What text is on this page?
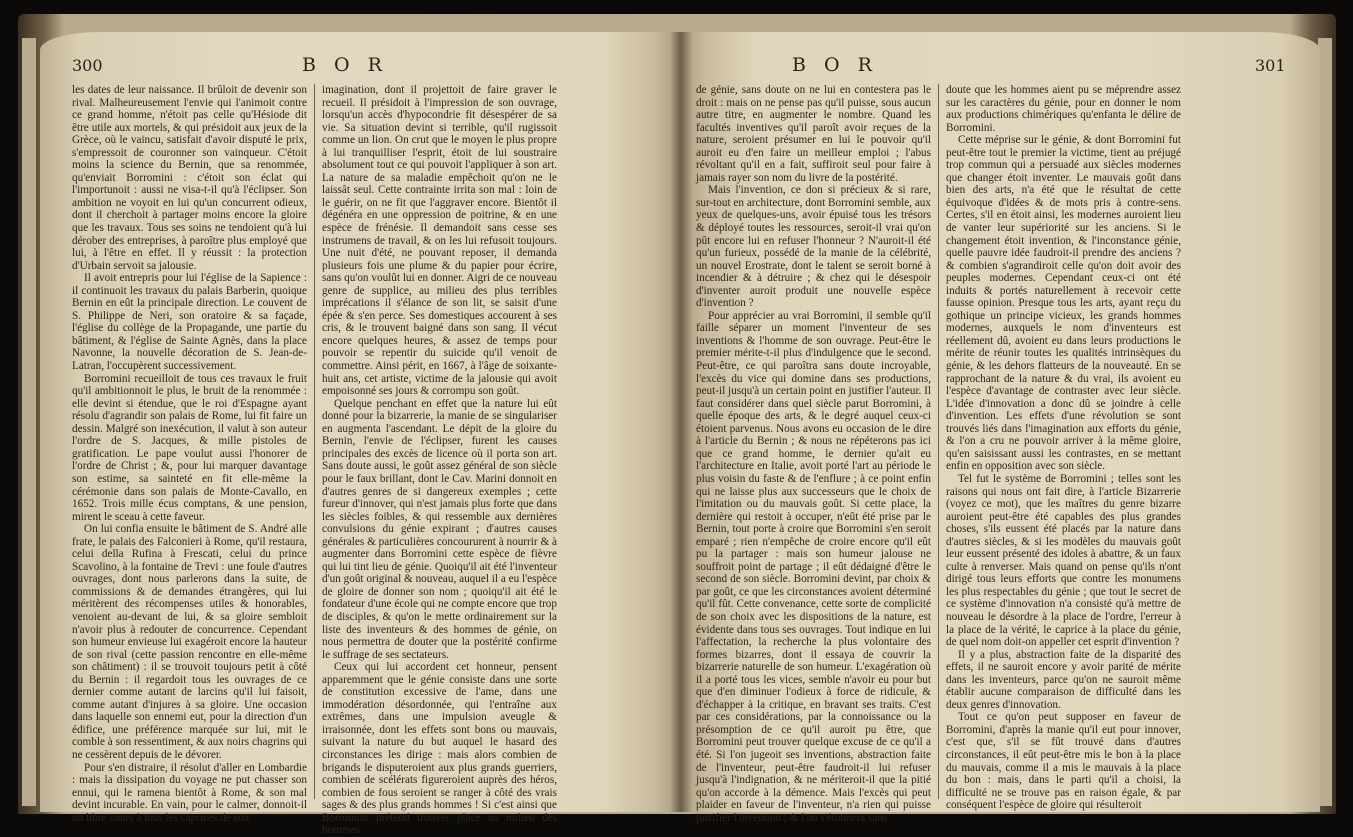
300	B O R

les dates de leur naissance. Il brûloit de devenir son rival. Malheureusement l'envie qui l'animoit contre ce grand homme, n'étoit pas celle qu'Hésiode dit être utile aux mortels, & qui présidoit aux jeux de la Grèce, où le vaincu, satisfait d'avoir disputé le prix, s'empressoit de couronner son vainqueur. C'étoit moins la science du Bernin, que sa renommée, qu'enviait Borromini : c'étoit son éclat qui l'importunoit : aussi ne visa-t-il qu'à l'éclipser. Son ambition ne voyoit en lui qu'un concurrent odieux, dont il cherchoit à partager moins encore la gloire que les travaux. Tous ses soins ne tendoient qu'à lui dérober des entreprises, à paroître plus employé que lui, à l'être en effet. Il y réussit : la protection d'Urbain servoit sa jalousie.

Il avoit entrepris pour lui l'église de la Sapience : il continuoit les travaux du palais Barberin, quoique Bernin en eût la principale direction. Le couvent de S. Philippe de Neri, son oratoire & sa façade, l'église du collège de la Propagande, une partie du bâtiment, & l'église de Sainte Agnès, dans la place Navonne, la nouvelle décoration de S. Jean-de-Latran, l'occupèrent successivement.

Borromini recueilloit de tous ces travaux le fruit qu'il ambitionnoit le plus, le bruit de la renommée : elle devint si étendue, que le roi d'Espagne ayant résolu d'agrandir son palais de Rome, lui fit faire un dessin. Malgré son inexécution, il valut à son auteur l'ordre de S. Jacques, & mille pistoles de gratification. Le pape voulut aussi l'honorer de l'ordre de Christ ; &, pour lui marquer davantage son estime, sa sainteté en fit elle-même la cérémonie dans son palais de Monte-Cavallo, en 1652. Trois mille écus comptans, & une pension, mirent le sceau à cette faveur.

On lui confia ensuite le bâtiment de S. André alle frate, le palais des Falconieri à Rome, qu'il restaura, celui della Rufina à Frescati, celui du prince Scavolino, à la fontaine de Trevi : une foule d'autres ouvrages, dont nous parlerons dans la suite, de commissions & de demandes étrangères, qui lui méritèrent des récompenses utiles & honorables, venoient au-devant de lui, & sa gloire sembloit n'avoir plus à redouter de concurrence. Cependant son humeur envieuse lui exagéroit encore la hauteur de son rival (cette passion rencontre en elle-même son châtiment) : il se trouvoit toujours petit à côté du Bernin : il regardoit tous les ouvrages de ce dernier comme autant de larcins qu'il lui faisoit, comme autant d'injures à sa gloire. Une occasion dans laquelle son ennemi eut, pour la direction d'un édifice, une préférence marquée sur lui, mit le comble à son ressentiment, & aux noirs chagrins qui ne cessèrent depuis de le dévorer.

Pour s'en distraire, il résolut d'aller en Lombardie : mais la dissipation du voyage ne put chasser son ennui, qui le ramena bientôt à Rome, & son mal devint incurable. En vain, pour le calmer, donnoit-il un libre cours à tous les caprices de son

imagination, dont il projettoit de faire graver le recueil. Il présidoit à l'impression de son ouvrage, lorsqu'un accès d'hypocondrie fit désespérer de sa vie. Sa situation devint si terrible, qu'il rugissoit comme un lion. On crut que le moyen le plus propre à lui tranquilliser l'esprit, étoit de lui soustraire absolument tout ce qui pouvoit l'appliquer à son art. La nature de sa maladie empêchoit qu'on ne le laissât seul. Cette contrainte irrita son mal : loin de le guérir, on ne fit que l'aggraver encore. Bientôt il dégénéra en une oppression de poitrine, & en une espèce de frénésie. Il demandoit sans cesse ses instrumens de travail, & on les lui refusoit toujours. Une nuit d'été, ne pouvant reposer, il demanda plusieurs fois une plume & du papier pour écrire, sans qu'on voulût lui en donner. Aigri de ce nouveau genre de supplice, au milieu des plus terribles imprécations il s'élance de son lit, se saisit d'une épée & s'en perce. Ses domestiques accourent à ses cris, & le trouvent baigné dans son sang. Il vécut encore quelques heures, & assez de temps pour pouvoir se repentir du suicide qu'il venoit de commettre. Ainsi périt, en 1667, à l'âge de soixante-huit ans, cet artiste, victime de la jalousie qui avoit empoisonné ses jours & corrompu son goût.

Quelque penchant en effet que la nature lui eût donné pour la bizarrerie, la manie de se singulariser en augmenta l'ascendant. Le dépit de la gloire du Bernin, l'envie de l'éclipser, furent les causes principales des excès de licence où il porta son art. Sans doute aussi, le goût assez général de son siècle pour le faux brillant, dont le Cav. Marini donnoit en d'autres genres de si dangereux exemples ; cette fureur d'innover, qui n'est jamais plus forte que dans les siècles foibles, & qui ressemble aux dernières convulsions du génie expirant ; d'autres causes générales & particulières concoururent à nourrir & à augmenter dans Borromini cette espèce de fièvre qui lui tint lieu de génie. Quoiqu'il ait été l'inventeur d'un goût original & nouveau, auquel il a eu l'espèce de gloire de donner son nom ; quoiqu'il ait été le fondateur d'une école qui ne compte encore que trop de disciples, & qu'on le mette ordinairement sur la liste des inventeurs & des hommes de génie, on nous permettra de douter que la postérité confirme le suffrage de ses sectateurs.

Ceux qui lui accordent cet honneur, pensent apparemment que le génie consiste dans une sorte de constitution excessive de l'ame, dans une immodération désordonnée, qui l'entraîne aux extrêmes, dans une impulsion aveugle & irraisonnée, dont les effets sont bons ou mauvais, suivant la nature du but auquel le hasard des circonstances les dirige : mais alors combien de brigands le disputeroient aux plus grands guerriers, combien de scélérats figureroient auprès des héros, combien de fous seroient se ranger à côté des vrais sages & des plus grands hommes ! Si c'est ainsi que Borromini prétend trouver place au milieu des hommes

B O R	301

de génie, sans doute on ne lui en contestera pas le droit : mais on ne pense pas qu'il puisse, sous aucun autre titre, en augmenter le nombre. Quand les facultés inventives qu'il paroît avoir reçues de la nature, seroient présumer en lui le pouvoir qu'il auroit eu d'en faire un meilleur emploi ; l'abus révoltant qu'il en a fait, suffiroit seul pour faire à jamais rayer son nom du livre de la postérité.

Mais l'invention, ce don si précieux & si rare, sur-tout en architecture, dont Borromini semble, aux yeux de quelques-uns, avoir épuisé tous les trésors & déployé toutes les ressources, seroit-il vrai qu'on pût encore lui en refuser l'honneur ? N'auroit-il été qu'un furieux, possédé de la manie de la célébrité, un nouvel Erostrate, dont le talent se seroit borné à incendier & à détruire ; & chez qui le désespoir d'inventer auroit produit une nouvelle espèce d'invention ?

Pour apprécier au vrai Borromini, il semble qu'il faille séparer un moment l'inventeur de ses inventions & l'homme de son ouvrage. Peut-être le premier mérite-t-il plus d'indulgence que le second. Peut-être, ce qui paroîtra sans doute incroyable, l'excès du vice qui domine dans ses productions, peut-il jusqu'à un certain point en justifier l'auteur. Il faut considérer dans quel siècle parut Borromini, à quelle époque des arts, & le degré auquel ceux-ci étoient parvenus. Nous avons eu occasion de le dire à l'article du Bernin ; & nous ne répéterons pas ici que ce grand homme, le dernier qu'ait eu l'architecture en Italie, avoit porté l'art au période le plus voisin du faste & de l'enflure ; à ce point enfin qui ne laisse plus aux successeurs que le choix de l'imitation ou du mauvais goût. Si cette place, la dernière qui restoit à occuper, n'eût été prise par le Bernin, tout porte à croire que Borromini s'en seroit emparé ; rien n'empêche de croire encore qu'il eût pu la partager : mais son humeur jalouse ne souffroit point de partage ; il eût dédaigné d'être le second de son siècle. Borromini devint, par choix & par goût, ce que les circonstances avoient déterminé qu'il fût. Cette convenance, cette sorte de complicité de son choix avec les dispositions de la nature, est évidente dans tous ses ouvrages. Tout indique en lui l'affectation, la recherche la plus volontaire des formes bizarres, dont il essaya de couvrir la bizarrerie naturelle de son humeur. L'exagération où il a porté tous les vices, semble n'avoir eu pour but que d'en diminuer l'odieux à force de ridicule, & d'échapper à la critique, en bravant ses traits. C'est par ces considérations, par la connoissance ou la présomption de ce qu'il auroit pu être, que Borromini peut trouver quelque excuse de ce qu'il a été. Si l'on jugeoit ses inventions, abstraction faite de l'inventeur, peut-être faudroit-il lui refuser jusqu'à l'indignation, & ne mériteroit-il que la pitié qu'on accorde à la démence. Mais l'excès qui peut plaider en faveur de l'inventeur, n'a rien qui puisse justifier l'invention ; & l'on s'étonnera sans

doute que les hommes aient pu se méprendre assez sur les caractères du génie, pour en donner le nom aux productions chimériques qu'enfanta le délire de Borromini.

Cette méprise sur le génie, & dont Borromini fut peut-être tout le premier la victime, tient au préjugé trop commun qui a persuadé aux siècles modernes que changer étoit inventer. Le mauvais goût dans bien des arts, n'a été que le résultat de cette équivoque d'idées & de mots pris à contre-sens. Certes, s'il en étoit ainsi, les modernes auroient lieu de vanter leur supériorité sur les anciens. Si le changement étoit invention, & l'inconstance génie, quelle pauvre idée faudroit-il prendre des anciens ? & combien s'agrandiroit celle qu'on doit avoir des peuples modernes. Cependant ceux-ci ont été induits & portés naturellement à recevoir cette fausse opinion. Presque tous les arts, ayant reçu du gothique un principe vicieux, les grands hommes modernes, auxquels le nom d'inventeurs est réellement dû, avoient eu dans leurs productions le mérite de réunir toutes les qualités intrinsèques du génie, & les dehors flatteurs de la nouveauté. En se rapprochant de la nature & du vrai, ils avoient eu l'espèce d'avantage de contraster avec leur siècle. L'idée d'innovation a donc dû se joindre à celle d'invention. Les effets d'une révolution se sont trouvés liés dans l'imagination aux efforts du génie, & l'on a cru ne pouvoir arriver à la même gloire, qu'en saisissant aussi les contrastes, en se mettant enfin en opposition avec son siècle.

Tel fut le système de Borromini ; telles sont les raisons qui nous ont fait dire, à l'article Bizarrerie (voyez ce mot), que les maîtres du genre bizarre auroient peut-être été capables des plus grandes choses, s'ils eussent été placés par la nature dans d'autres siècles, & si les modèles du mauvais goût leur eussent présenté des idoles à abattre, & un faux culte à renverser. Mais quand on pense qu'ils n'ont dirigé tous leurs efforts que contre les monumens les plus respectables du génie ; que tout le secret de ce système d'innovation n'a consisté qu'à mettre de nouveau le désordre à la place de l'ordre, l'erreur à la place de la vérité, le caprice à la place du génie, de quel nom doit-on appeller cet esprit d'invention ?

Il y a plus, abstraction faite de la disparité des effets, il ne sauroit encore y avoir parité de mérite dans les inventeurs, parce qu'on ne sauroit même établir aucune comparaison de difficulté dans les deux genres d'innovation.

Tout ce qu'on peut supposer en faveur de Borromini, d'après la manie qu'il eut pour innover, c'est que, s'il se fût trouvé dans d'autres circonstances, il eût peut-être mis le bon à la place du mauvais, comme il a mis le mauvais à la place du bon : mais, dans le parti qu'il a choisi, la difficulté ne se trouve pas en raison égale, & par conséquent l'espèce de gloire qui résulteroit
